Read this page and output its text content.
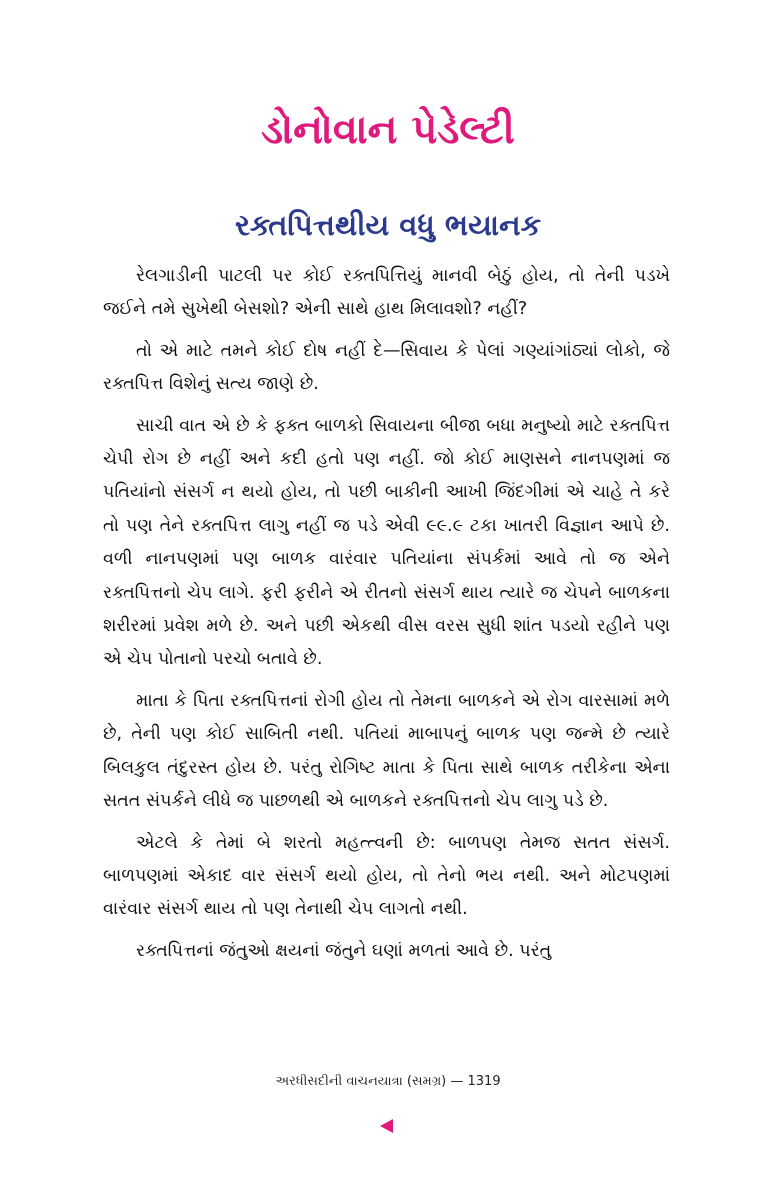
ડોનોવાન પેડેલ્ટી
રક્તપિત્તથીય વધુ ભયાનક

રેલગાડીની પાટલી પર કોઈ રક્તપિત્તિયું માનવી બેઠું હોય, તો તેની પડખે જઈને તમે સુખેથી બેસશો? એની સાથે હાથ મિલાવશો? નહીં?

તો એ માટે તમને કોઈ દોષ નહીં દે—સિવાય કે પેલાં ગણ્યાંગાંઠ્યાં લોકો, જે રક્તપિત્ત વિશેનું સત્ય જાણે છે.

સાચી વાત એ છે કે ફક્ત બાળકો સિવાયના બીજા બધા મનુષ્યો માટે રક્તપિત્ત ચેપી રોગ છે નહીં અને કદી હતો પણ નહીં. જો કોઈ માણસને નાનપણમાં જ પતિયાંનો સંસર્ગ ન થયો હોય, તો પછી બાકીની આખી જિંદગીમાં એ ચાહે તે કરે તો પણ તેને રક્તપિત્ત લાગુ નહીં જ પડે એવી ૯૯.૯ ટકા ખાતરી વિજ્ઞાન આપે છે. વળી નાનપણમાં પણ બાળક વારંવાર પતિયાંના સંપર્કમાં આવે તો જ એને રક્તપિત્તનો ચેપ લાગે. ફરી ફરીને એ રીતનો સંસર્ગ થાય ત્યારે જ ચેપને બાળકના શરીરમાં પ્રવેશ મળે છે. અને પછી એકથી વીસ વરસ સુધી શાંત પડયો રહીને પણ એ ચેપ પોતાનો પરચો બતાવે છે.

માતા કે પિતા રક્તપિત્તનાં રોગી હોય તો તેમના બાળકને એ રોગ વારસામાં મળે છે, તેની પણ કોઈ સાબિતી નથી. પતિયાં માબાપનું બાળક પણ જન્મે છે ત્યારે બિલકુલ તંદુરસ્ત હોય છે. પરંતુ રોગિષ્ટ માતા કે પિતા સાથે બાળક તરીકેના એના સતત સંપર્કને લીધે જ પાછળથી એ બાળકને રક્તપિત્તનો ચેપ લાગુ પડે છે.

એટલે કે તેમાં બે શરતો મહત્ત્વની છે: બાળપણ તેમજ સતત સંસર્ગ. બાળપણમાં એકાદ વાર સંસર્ગ થયો હોય, તો તેનો ભય નથી. અને મોટપણમાં વારંવાર સંસર્ગ થાય તો પણ તેનાથી ચેપ લાગતો નથી.

રક્તપિત્તનાં જંતુઓ ક્ષયનાં જંતુને ઘણાં મળતાં આવે છે. પરંતુ

અરધીસદીની વાચનયાત્રા (સમગ્ર) — 1319
